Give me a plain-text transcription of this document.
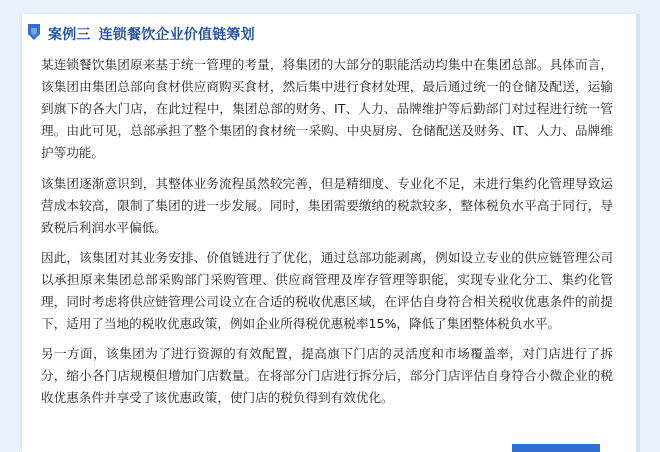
案例三 连锁餐饮企业价值链筹划

某连锁餐饮集团原来基于统一管理的考量，将集团的大部分的职能活动均集中在集团总部。具体而言，该集团由集团总部向食材供应商购买食材，然后集中进行食材处理，最后通过统一的仓储及配送，运输到旗下的各大门店，在此过程中，集团总部的财务、IT、人力、品牌维护等后勤部门对过程进行统一管理。由此可见，总部承担了整个集团的食材统一采购、中央厨房、仓储配送及财务、IT、人力、品牌维护等功能。

该集团逐渐意识到，其整体业务流程虽然较完善，但是精细度、专业化不足，未进行集约化管理导致运营成本较高，限制了集团的进一步发展。同时，集团需要缴纳的税款较多，整体税负水平高于同行，导致税后利润水平偏低。

因此，该集团对其业务安排、价值链进行了优化，通过总部功能剥离，例如设立专业的供应链管理公司以承担原来集团总部采购部门采购管理、供应商管理及库存管理等职能，实现专业化分工、集约化管理，同时考虑将供应链管理公司设立在合适的税收优惠区域，在评估自身符合相关税收优惠条件的前提下，适用了当地的税收优惠政策，例如企业所得税优惠税率15%，降低了集团整体税负水平。

另一方面，该集团为了进行资源的有效配置，提高旗下门店的灵活度和市场覆盖率，对门店进行了拆分，缩小各门店规模但增加门店数量。在将部分门店进行拆分后，部分门店评估自身符合小微企业的税收优惠条件并享受了该优惠政策，使门店的税负得到有效优化。
